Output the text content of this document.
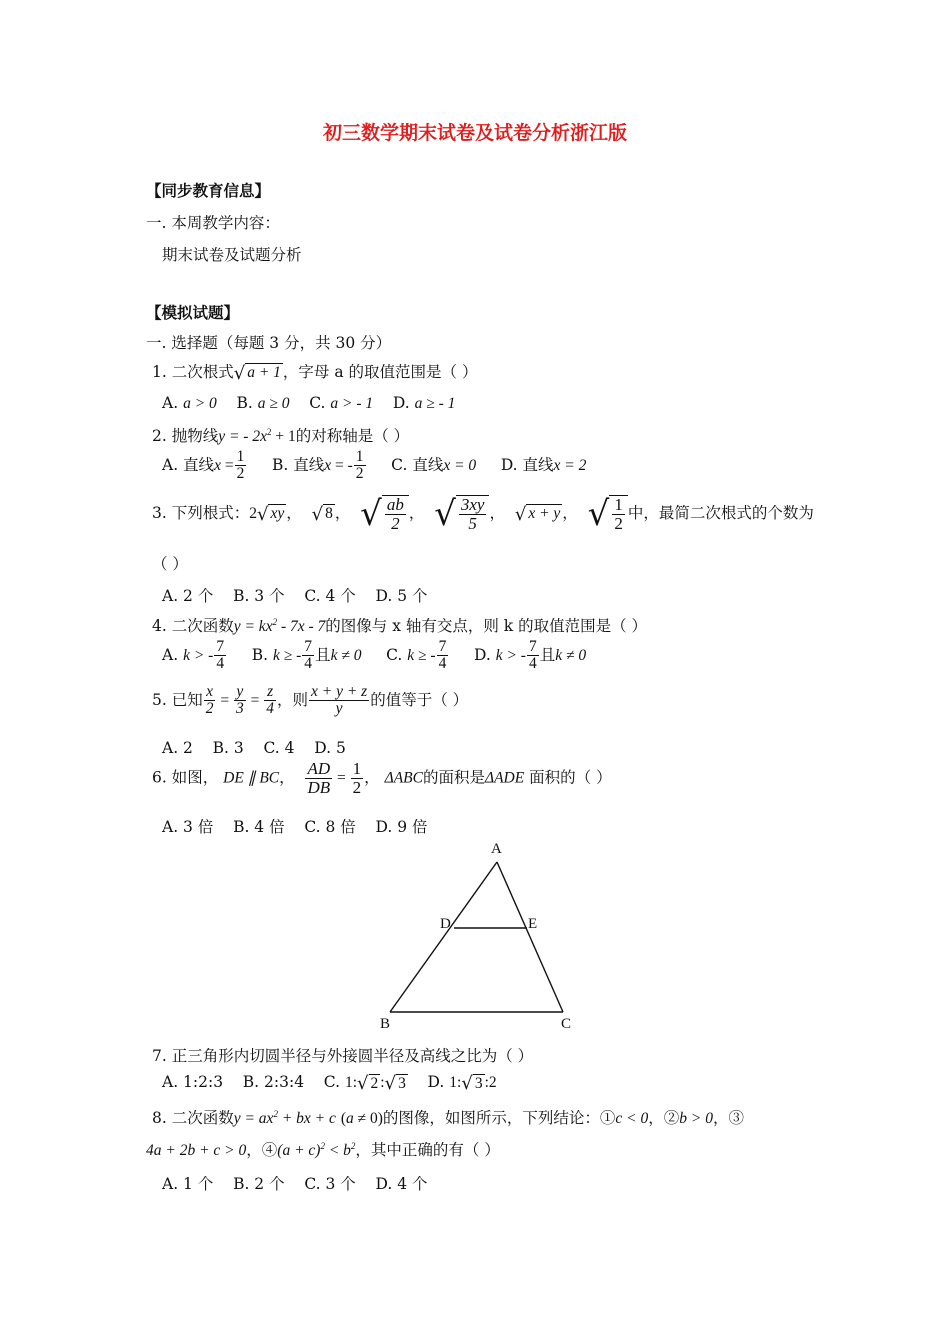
初三数学期末试卷及试卷分析浙江版
【同步教育信息】
一. 本周教学内容：
期末试卷及试题分析
【模拟试题】
一. 选择题（每题 3 分，共 30 分）
1. 二次根式√ a + 1 ，字母 a 的取值范围是（ ）
A. a > 0 B. a ≥ 0 C. a > - 1 D. a ≥ - 1
2. 抛物线y = - $2x^2 + 1$的对称轴是（ ）
A. 直线$x = \frac{1}{2} B$. 直线x = - $\frac{1}{2} C$. 直线x = 0 D. 直线x = 2
3. 下列根式：2√ xy ，  √ 8 ，  √ $\frac{ab}{2}$ ，  √ $\frac{3xy}{5}$ ，  √ x + y ，  √ $\frac{1}{2}$ 中，最简二次根式的个数为
（ ）
A. 2 个 B. 3 个 C. 4 个 D. 5 个
4. 二次函数$y = kx^2 - 7x - 7$的图像与 x 轴有交点，则 k 的取值范围是（ ）
A. k > - $\frac{7}{4} B$. k ≥ - $\frac{7}{4}$ 且k ≠ 0 C. k ≥ - $\frac{7}{4} D$. k > - $\frac{7}{4}$ 且k ≠ 0
5. 已知 $\frac{x}{2} = \frac{y}{3} = \frac{z}{4}$ ，则 $\frac{x + y + z}{y}$ 的值等于（ ）
A. 2 B. 3 C. 4 D. 5
6. 如图， DE ∥ BC， $\frac{AD}{DB} = \frac{1}{2}$ ， ΔABC的面积是ΔADE 面积的（ ）
A. 3 倍 B. 4 倍 C. 8 倍 D. 9 倍
A
D	E
B	C
7. 正三角形内切圆半径与外接圆半径及高线之比为（ ）
A. 1:2:3 B. 2:3:4 C. 1:√ 2 :√ 3 D. 1:√ 3 :2
8. 二次函数$y = ax^2$ + bx + c (a ≠ 0)的图像，如图所示，下列结论：①c < 0，②b > 0，③
4a + 2b + c > 0，④(a + $c)^2 < b^2$，其中正确的有（ ）
A. 1 个 B. 2 个 C. 3 个 D. 4 个
